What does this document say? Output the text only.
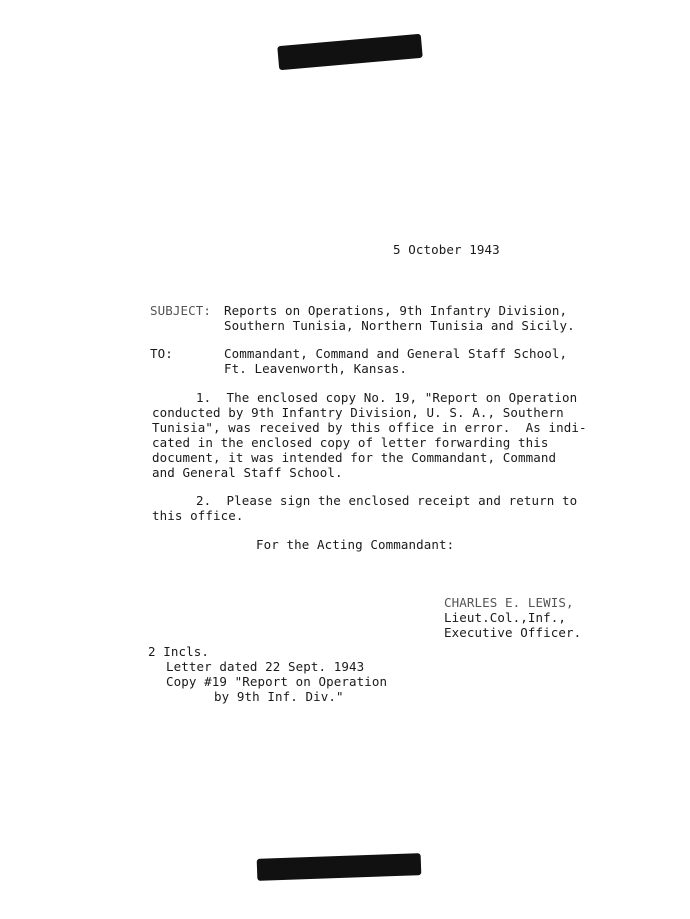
5 October 1943
SUBJECT: Reports on Operations, 9th Infantry Division,
Southern Tunisia, Northern Tunisia and Sicily.
TO:	Commandant, Command and General Staff School,
Ft. Leavenworth, Kansas.
1.  The enclosed copy No. 19, "Report on Operation
conducted by 9th Infantry Division, U. S. A., Southern
Tunisia", was received by this office in error.  As indi-
cated in the enclosed copy of letter forwarding this
document, it was intended for the Commandant, Command
and General Staff School.
2.  Please sign the enclosed receipt and return to
this office.
For the Acting Commandant:
CHARLES E. LEWIS,
Lieut.Col.,Inf.,
Executive Officer.
2 Incls.
Letter dated 22 Sept. 1943
Copy #19 "Report on Operation
by 9th Inf. Div."
